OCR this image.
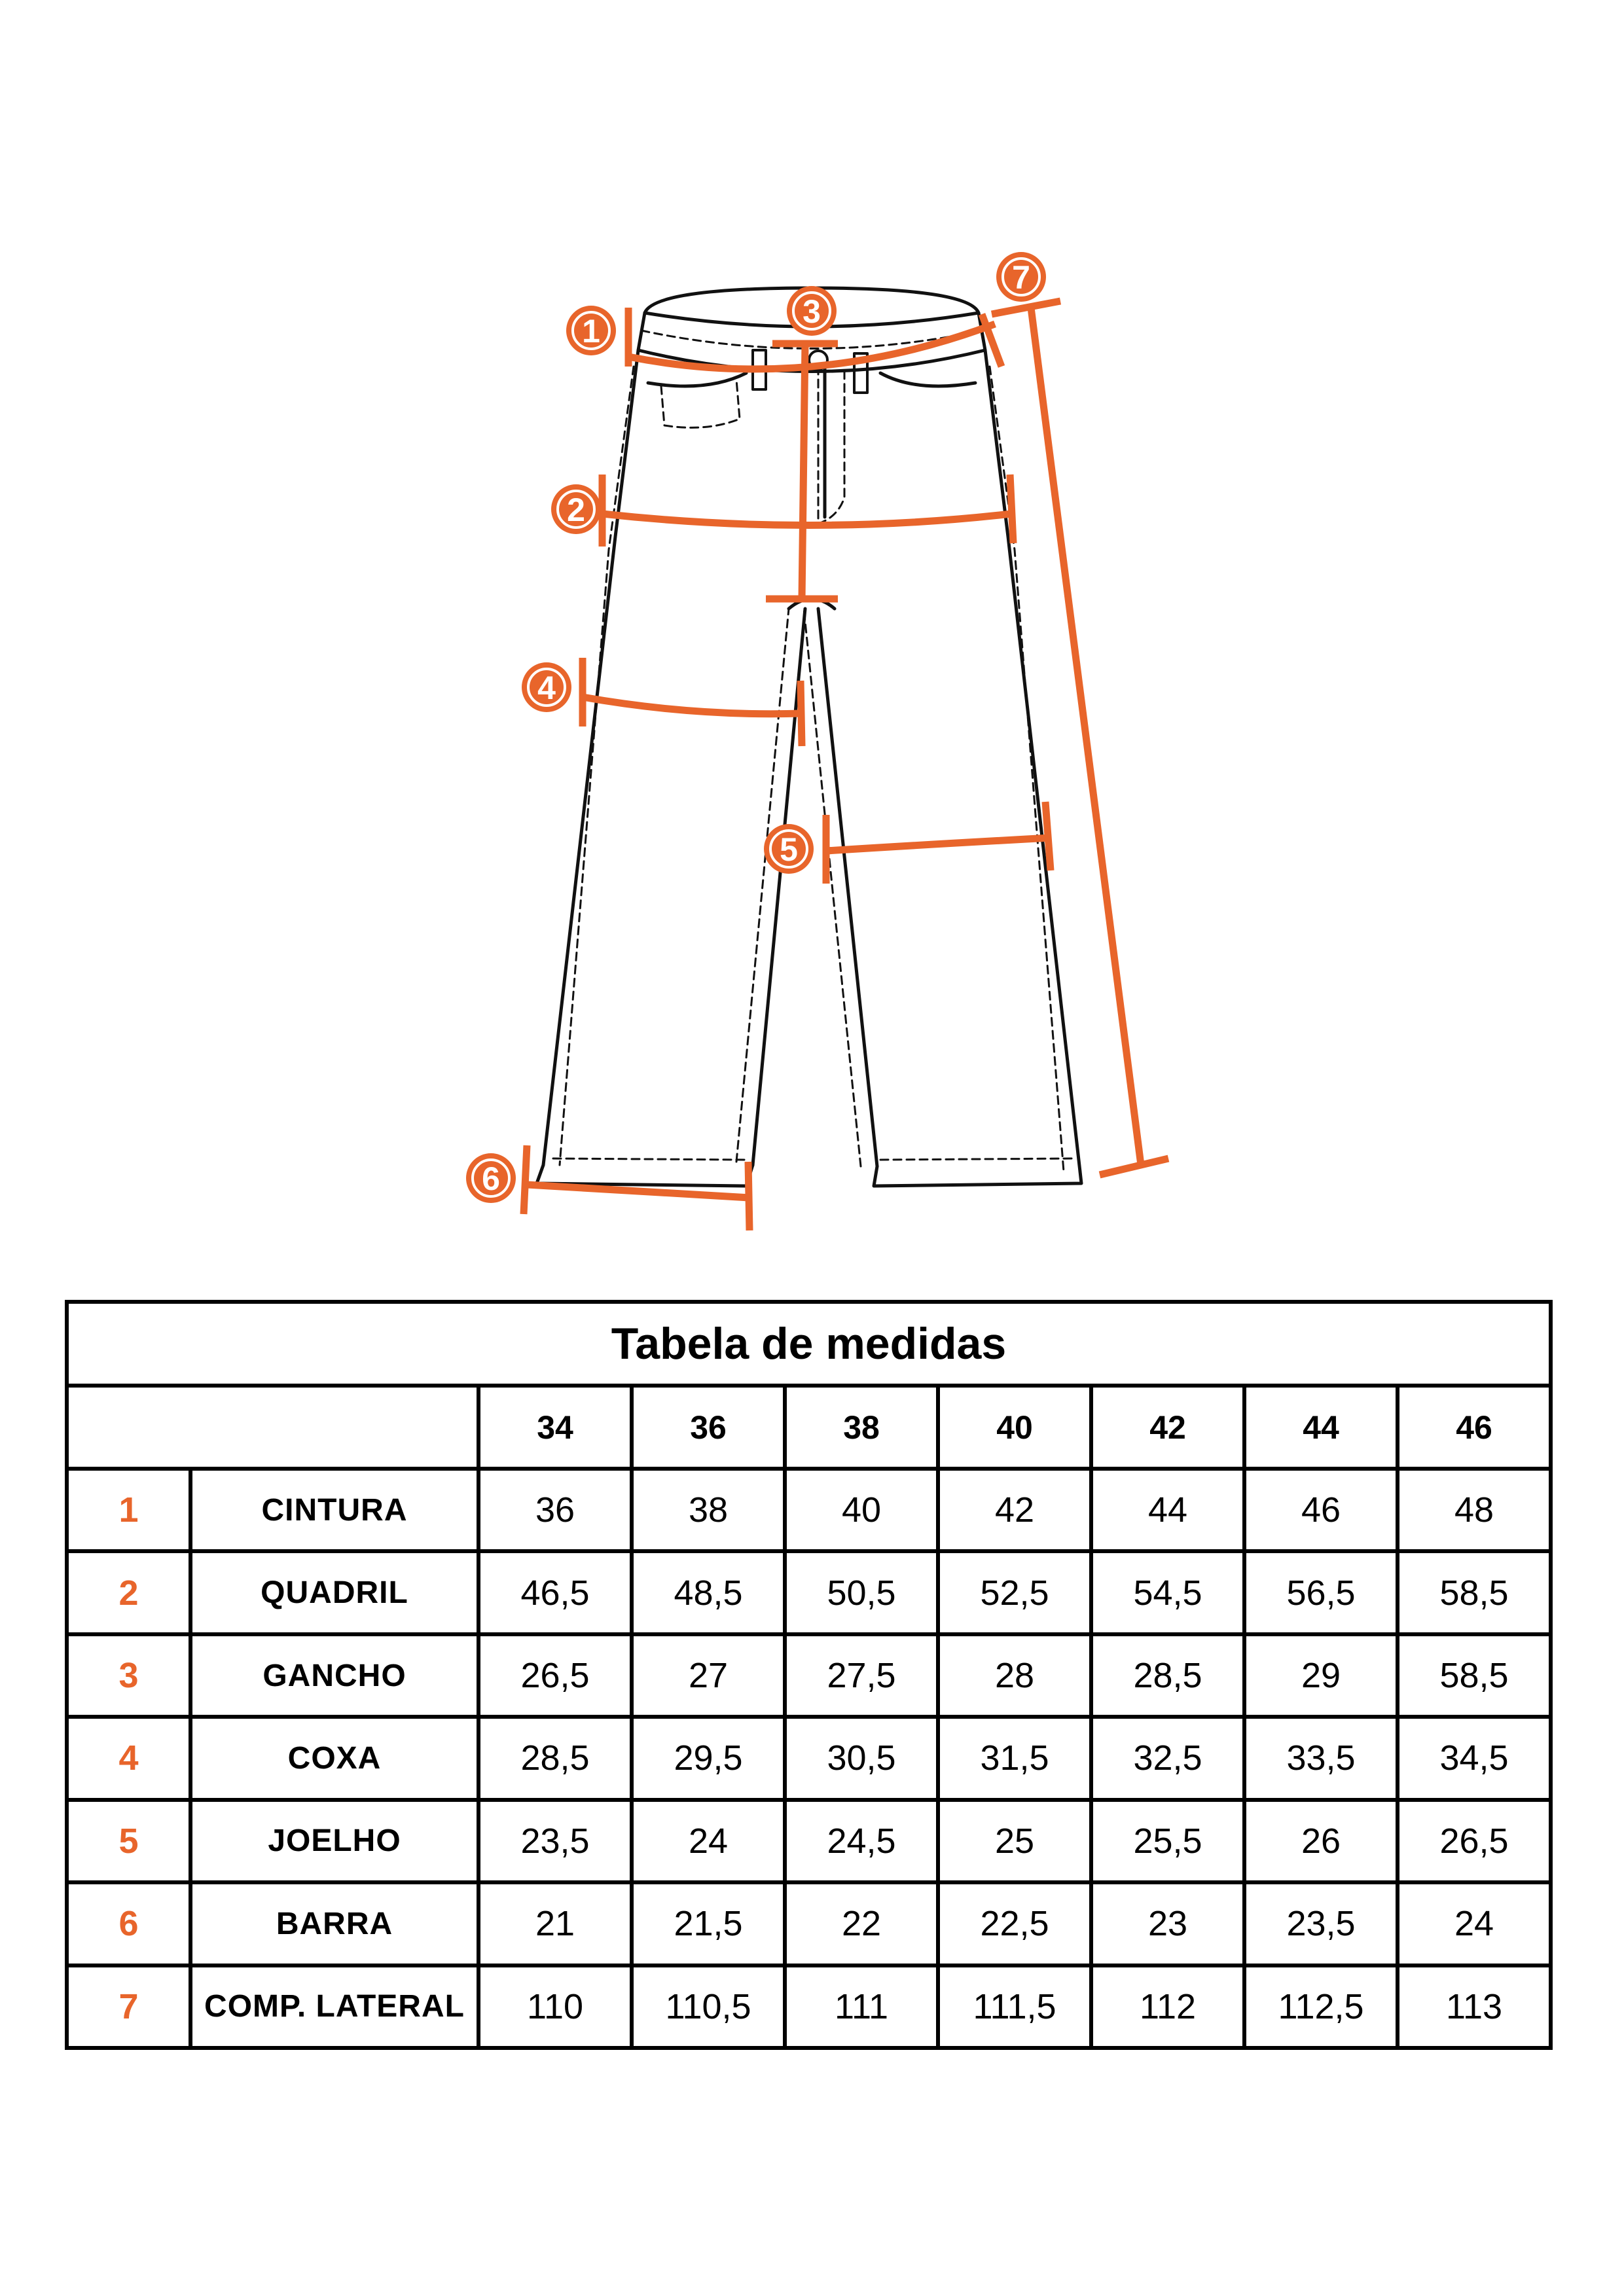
1
2
3
4
5
6
7
Tabela de medidas								
		34	36	38	40	42	44	46
1	CINTURA	36	38	40	42	44	46	48
2	QUADRIL	46,5	48,5	50,5	52,5	54,5	56,5	58,5
3	GANCHO	26,5	27	27,5	28	28,5	29	58,5
4	COXA	28,5	29,5	30,5	31,5	32,5	33,5	34,5
5	JOELHO	23,5	24	24,5	25	25,5	26	26,5
6	BARRA	21	21,5	22	22,5	23	23,5	24
7	COMP. LATERAL	110	110,5	111	111,5	112	112,5	113
